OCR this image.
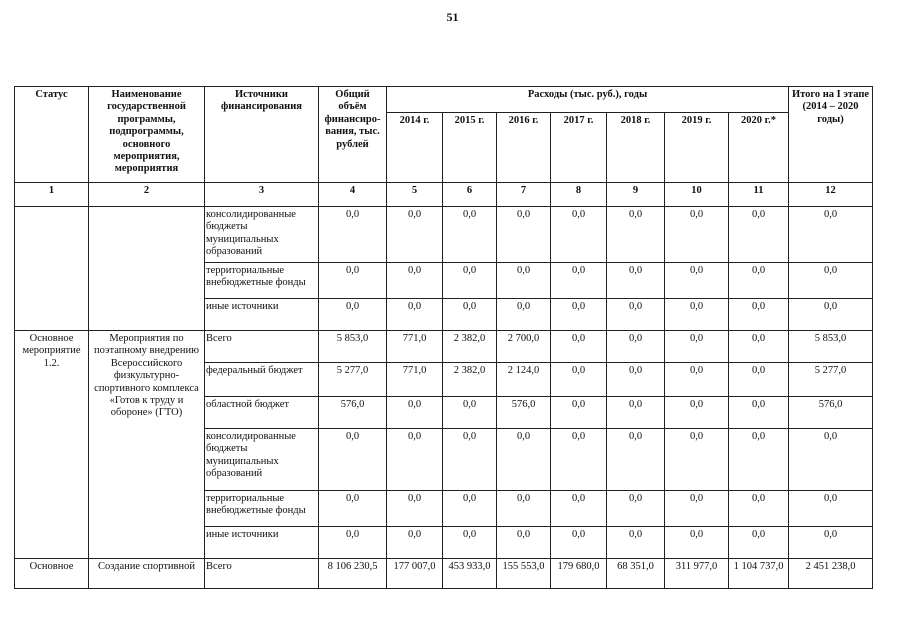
51
Статус	Наименование государственной программы, подпрограммы, основного мероприятия, мероприятия	Источники финансирования	Общий объём финансиро-вания, тыс. рублей	Расходы (тыс. руб.), годы							Итого на I этапе (2014 – 2020 годы)
				2014 г.	2015 г.	2016 г.	2017 г.	2018 г.	2019 г.	2020 г.*	
1	2	3	4	5	6	7	8	9	10	11	12
		консолидированные бюджеты муниципальных образований	0,0	0,0	0,0	0,0	0,0	0,0	0,0	0,0	0,0
		территориальные внебюджетные фонды	0,0	0,0	0,0	0,0	0,0	0,0	0,0	0,0	0,0
		иные источники	0,0	0,0	0,0	0,0	0,0	0,0	0,0	0,0	0,0
Основное мероприятие 1.2.	Мероприятия по поэтапному внедрению Всероссийского физкультурно-спортивного комплекса «Готов к труду и обороне» (ГТО)	Всего	5 853,0	771,0	2 382,0	2 700,0	0,0	0,0	0,0	0,0	5 853,0
		федеральный бюджет	5 277,0	771,0	2 382,0	2 124,0	0,0	0,0	0,0	0,0	5 277,0
		областной бюджет	576,0	0,0	0,0	576,0	0,0	0,0	0,0	0,0	576,0
		консолидированные бюджеты муниципальных образований	0,0	0,0	0,0	0,0	0,0	0,0	0,0	0,0	0,0
		территориальные внебюджетные фонды	0,0	0,0	0,0	0,0	0,0	0,0	0,0	0,0	0,0
		иные источники	0,0	0,0	0,0	0,0	0,0	0,0	0,0	0,0	0,0
Основное	Создание спортивной	Всего	8 106 230,5	177 007,0	453 933,0	155 553,0	179 680,0	68 351,0	311 977,0	1 104 737,0	2 451 238,0
